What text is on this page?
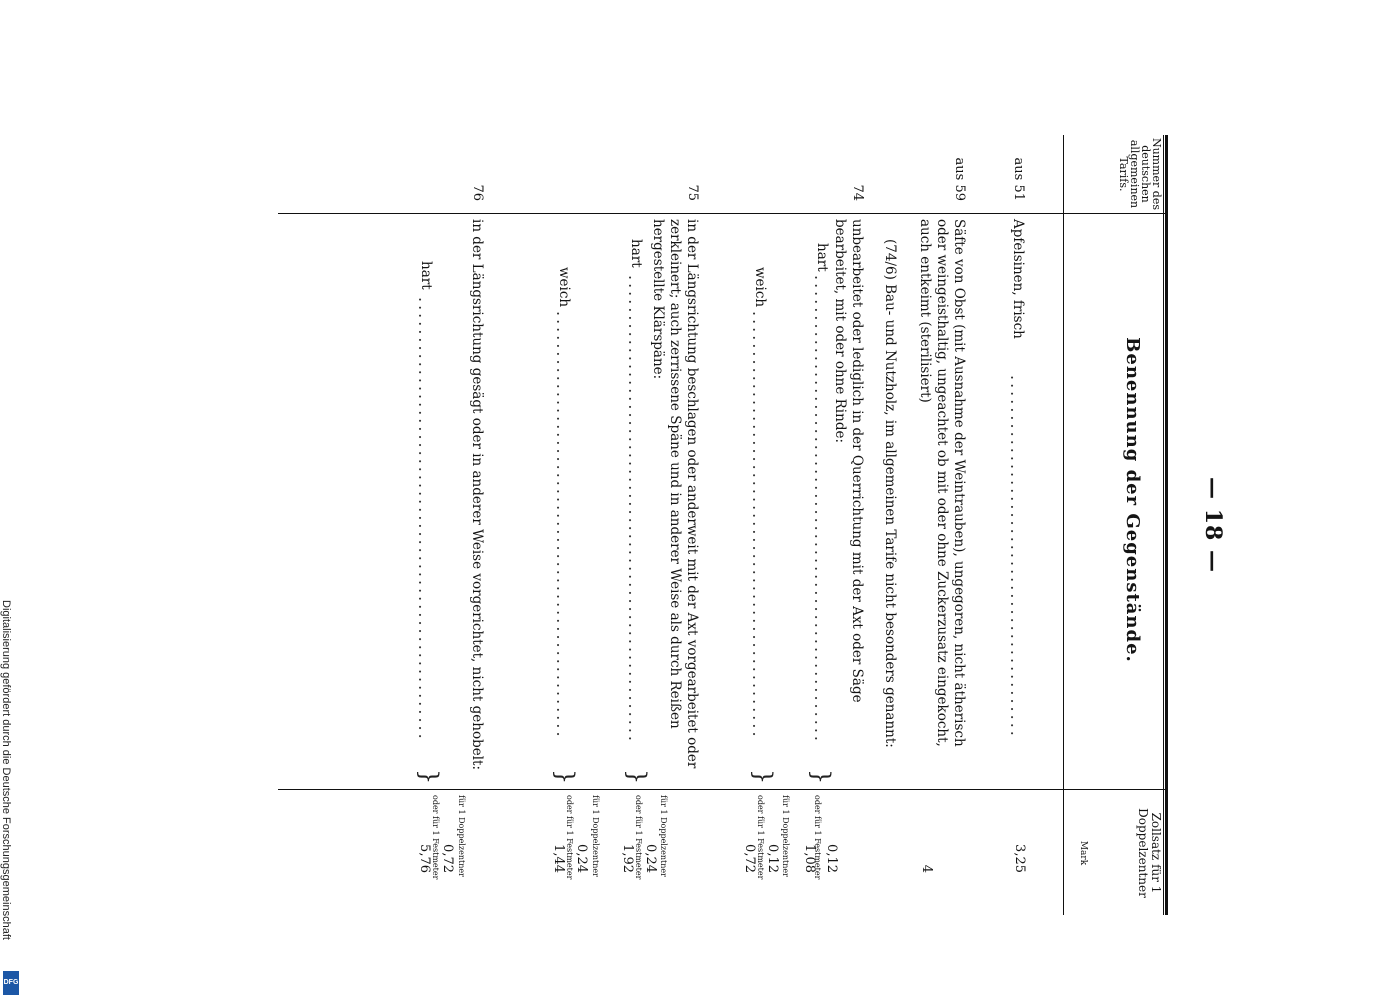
Digitalisierung gefördert durch die Deutsche Forschungsgemeinschaft
DFG
— 18 —
Nummer des deutschen allgemeinen Tarifs.
Benennung der Gegenstände.
Zollsatz für 1 Doppelzentner
Mark
aus 51
Apfelsinen, frisch
.............................................
3,25
aus 59
Säfte von Obst (mit Ausnahme der Weintrauben), ungegoren, nicht ätherisch oder weingeisthaltig, ungeachtet ob mit oder ohne Zuckerzusatz eingekocht, auch entkeimt (sterilisiert)
4
(74/6) Bau- und Nutzholz, im allgemeinen Tarife nicht besonders genannt:
74
unbearbeitet oder lediglich in der Querrichtung mit der Axt oder Säge bearbeitet, mit oder ohne Rinde:
hart
..........................................................
}
0,12
oder für 1 Festmeter
1,08
weich
.....................................................
}
für 1 Doppelzentner
0,12
oder für 1 Festmeter
0,72
75
in der Längsrichtung beschlagen oder anderweit mit der Axt vorgearbeitet oder zerkleinert; auch zerrissene Späne und in anderer Weise als durch Reißen hergestellte Klärspäne:
hart
..........................................................
}
für 1 Doppelzentner
0,24
oder für 1 Festmeter
1,92
weich
.....................................................
}
für 1 Doppelzentner
0,24
oder für 1 Festmeter
1,44
76
in der Längsrichtung gesägt oder in anderer Weise vorgerichtet, nicht gehobelt:
hart
.......................................................
}
für 1 Doppelzentner
0,72
oder für 1 Festmeter
5,76
